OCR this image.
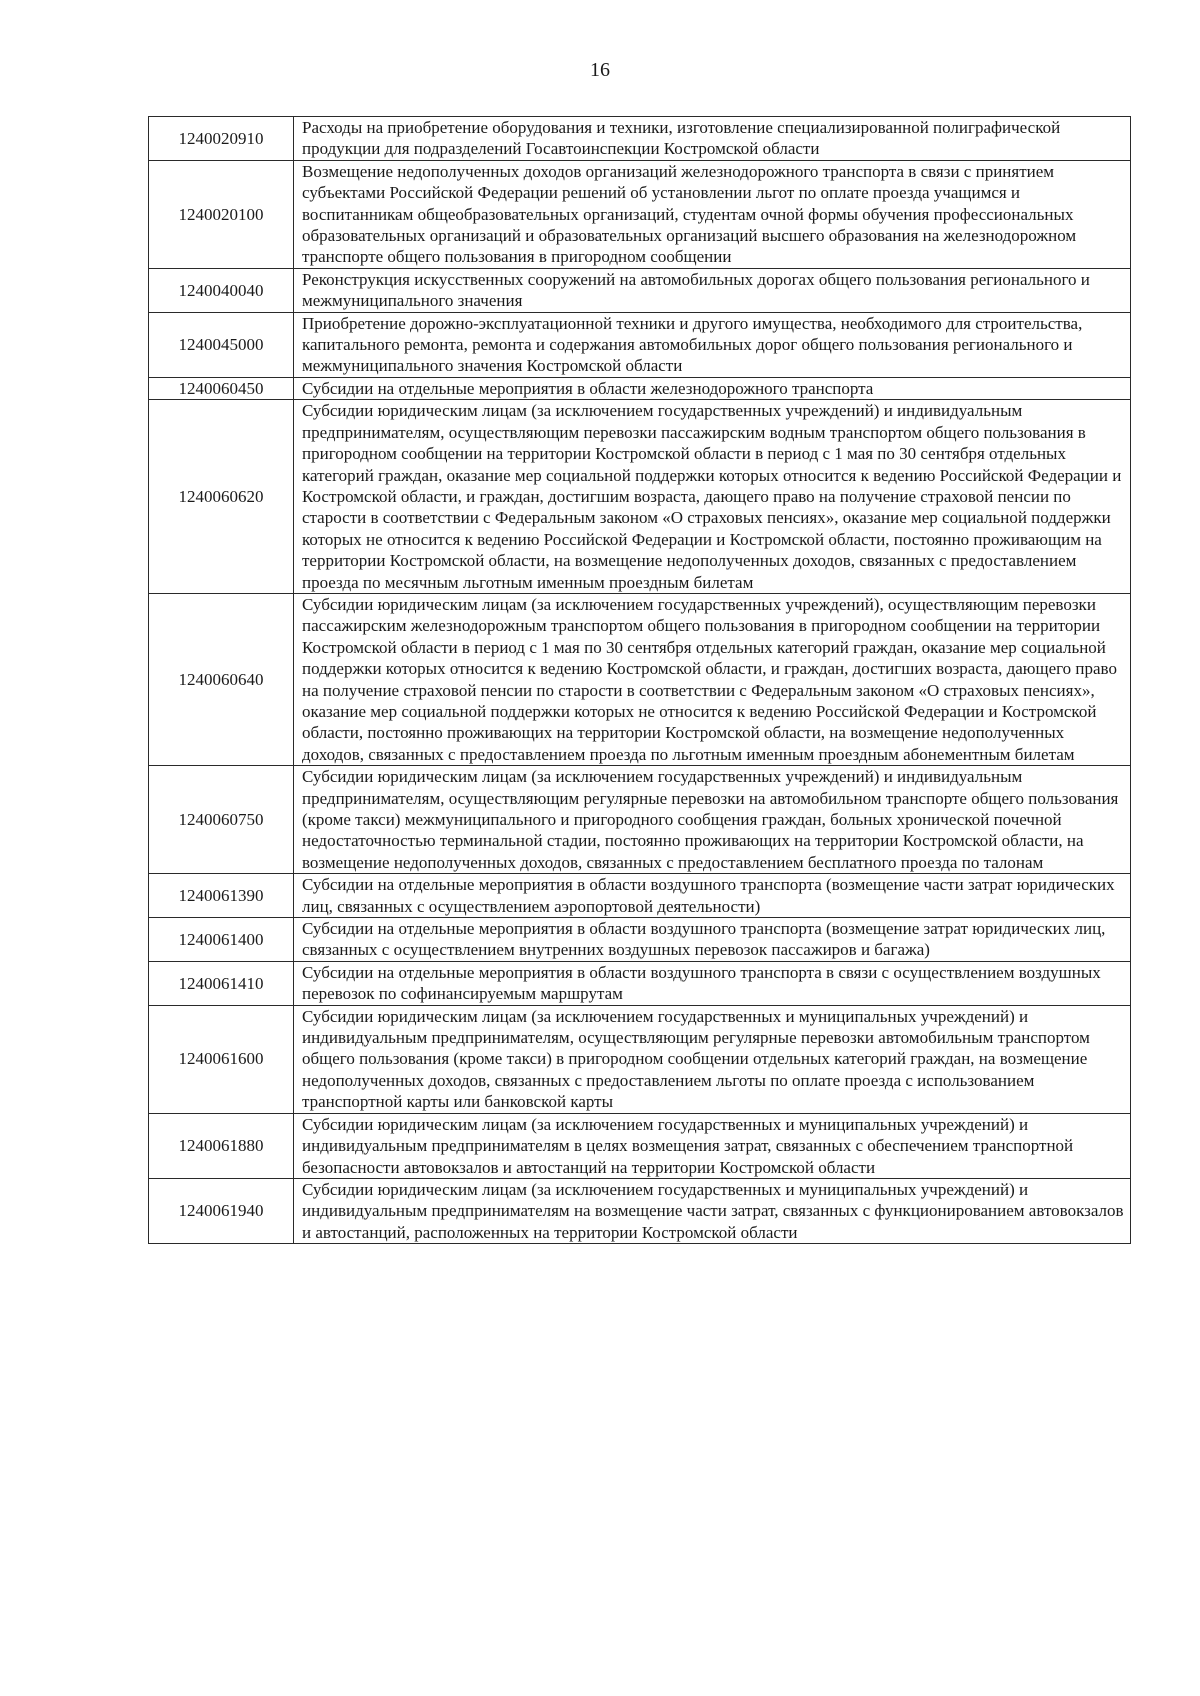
16
1240020910	Расходы на приобретение оборудования и техники, изготовление специализированной полиграфической продукции для подразделений Госавтоинспекции Костромской области
1240020100	Возмещение недополученных доходов организаций железнодорожного транспорта в связи с принятием субъектами Российской Федерации решений об установлении льгот по оплате проезда учащимся и воспитанникам общеобразовательных организаций, студентам очной формы обучения профессиональных образовательных организаций и образовательных организаций высшего образования на железнодорожном транспорте общего пользования в пригородном сообщении
1240040040	Реконструкция искусственных сооружений на автомобильных дорогах общего пользования регионального и межмуниципального значения
1240045000	Приобретение дорожно-эксплуатационной техники и другого имущества, необходимого для строительства, капитального ремонта, ремонта и содержания автомобильных дорог общего пользования регионального и межмуниципального значения Костромской области
1240060450	Субсидии на отдельные мероприятия в области железнодорожного транспорта
1240060620	Субсидии юридическим лицам (за исключением государственных учреждений) и индивидуальным предпринимателям, осуществляющим перевозки пассажирским водным транспортом общего пользования в пригородном сообщении на территории Костромской области в период с 1 мая по 30 сентября отдельных категорий граждан, оказание мер социальной поддержки которых относится к ведению Российской Федерации и Костромской области, и граждан, достигшим возраста, дающего право на получение страховой пенсии по старости в соответствии с Федеральным законом «О страховых пенсиях», оказание мер социальной поддержки которых не относится к ведению Российской Федерации и Костромской области, постоянно проживающим на территории Костромской области, на возмещение недополученных доходов, связанных с предоставлением проезда по месячным льготным именным проездным билетам
1240060640	Субсидии юридическим лицам (за исключением государственных учреждений), осуществляющим перевозки пассажирским железнодорожным транспортом общего пользования в пригородном сообщении на территории Костромской области в период с 1 мая по 30 сентября отдельных категорий граждан, оказание мер социальной поддержки которых относится к ведению Костромской области, и граждан, достигших возраста, дающего право на получение страховой пенсии по старости в соответствии с Федеральным законом «О страховых пенсиях», оказание мер социальной поддержки которых не относится к ведению Российской Федерации и Костромской области, постоянно проживающих на территории Костромской области, на возмещение недополученных доходов, связанных с предоставлением проезда по льготным именным проездным абонементным билетам
1240060750	Субсидии юридическим лицам (за исключением государственных учреждений) и индивидуальным предпринимателям, осуществляющим регулярные перевозки на автомобильном транспорте общего пользования (кроме такси) межмуниципального и пригородного сообщения граждан, больных хронической почечной недостаточностью терминальной стадии, постоянно проживающих на территории Костромской области, на возмещение недополученных доходов, связанных с предоставлением бесплатного проезда по талонам
1240061390	Субсидии на отдельные мероприятия в области воздушного транспорта (возмещение части затрат юридических лиц, связанных с осуществлением аэропортовой деятельности)
1240061400	Субсидии на отдельные мероприятия в области воздушного транспорта (возмещение затрат юридических лиц, связанных с осуществлением внутренних воздушных перевозок пассажиров и багажа)
1240061410	Субсидии на отдельные мероприятия в области воздушного транспорта в связи с осуществлением воздушных перевозок по софинансируемым маршрутам
1240061600	Субсидии юридическим лицам (за исключением государственных и муниципальных учреждений) и индивидуальным предпринимателям, осуществляющим регулярные перевозки автомобильным транспортом общего пользования (кроме такси) в пригородном сообщении отдельных категорий граждан, на возмещение недополученных доходов, связанных с предоставлением льготы по оплате проезда с использованием транспортной карты или банковской карты
1240061880	Субсидии юридическим лицам (за исключением государственных и муниципальных учреждений) и индивидуальным предпринимателям в целях возмещения затрат, связанных с обеспечением транспортной безопасности автовокзалов и автостанций на территории Костромской области
1240061940	Субсидии юридическим лицам (за исключением государственных и муниципальных учреждений) и индивидуальным предпринимателям на возмещение части затрат, связанных с функционированием автовокзалов и автостанций, расположенных на территории Костромской области
